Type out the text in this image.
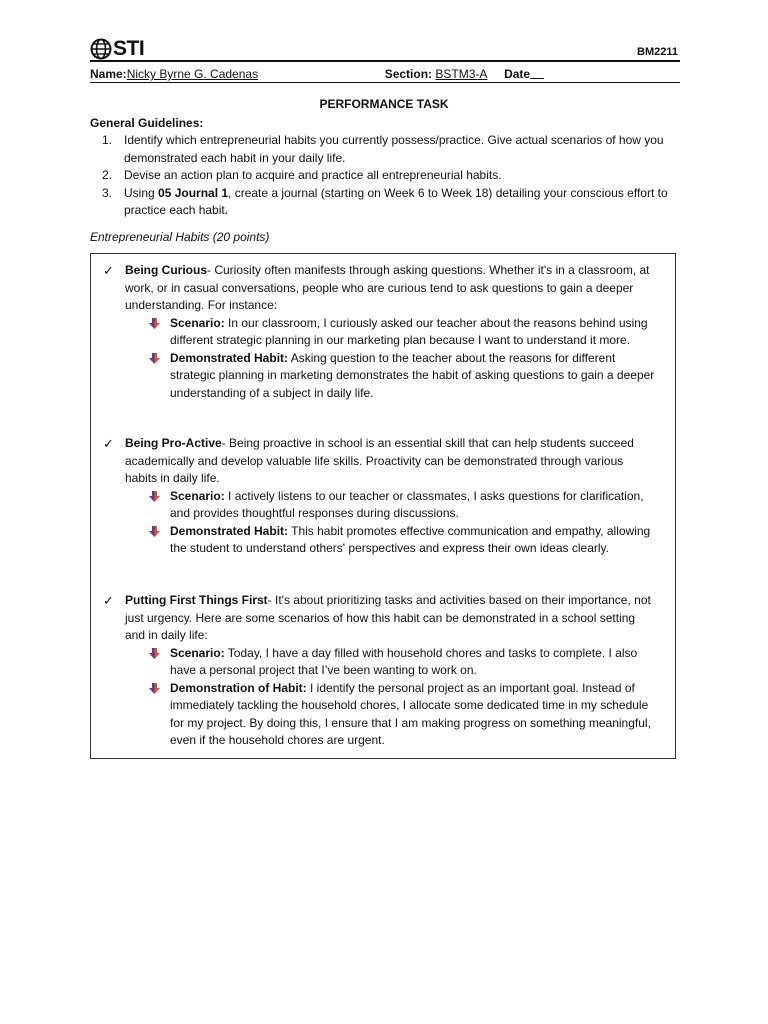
STI	BM2211
Name:Nicky Byrne G. Cadenas	Section: BSTM3-A Date
PERFORMANCE TASK
General Guidelines:
1. Identify which entrepreneurial habits you currently possess/practice. Give actual scenarios of how you demonstrated each habit in your daily life.
2. Devise an action plan to acquire and practice all entrepreneurial habits.
3. Using 05 Journal 1, create a journal (starting on Week 6 to Week 18) detailing your conscious effort to practice each habit.
Entrepreneurial Habits (20 points)
✓ Being Curious- Curiosity often manifests through asking questions. Whether it's in a classroom, at work, or in casual conversations, people who are curious tend to ask questions to gain a deeper understanding. For instance:

Scenario: In our classroom, I curiously asked our teacher about the reasons behind using different strategic planning in our marketing plan because I want to understand it more.
Demonstrated Habit: Asking question to the teacher about the reasons for different strategic planning in marketing demonstrates the habit of asking questions to gain a deeper understanding of a subject in daily life.
✓ Being Pro-Active- Being proactive in school is an essential skill that can help students succeed academically and develop valuable life skills. Proactivity can be demonstrated through various habits in daily life.

Scenario: I actively listens to our teacher or classmates, I asks questions for clarification, and provides thoughtful responses during discussions.
Demonstrated Habit: This habit promotes effective communication and empathy, allowing the student to understand others' perspectives and express their own ideas clearly.
✓ Putting First Things First- It's about prioritizing tasks and activities based on their importance, not just urgency. Here are some scenarios of how this habit can be demonstrated in a school setting and in daily life:

Scenario: Today, I have a day filled with household chores and tasks to complete. I also have a personal project that I’ve been wanting to work on.
Demonstration of Habit: I identify the personal project as an important goal. Instead of immediately tackling the household chores, I allocate some dedicated time in my schedule for my project. By doing this, I ensure that I am making progress on something meaningful, even if the household chores are urgent.
